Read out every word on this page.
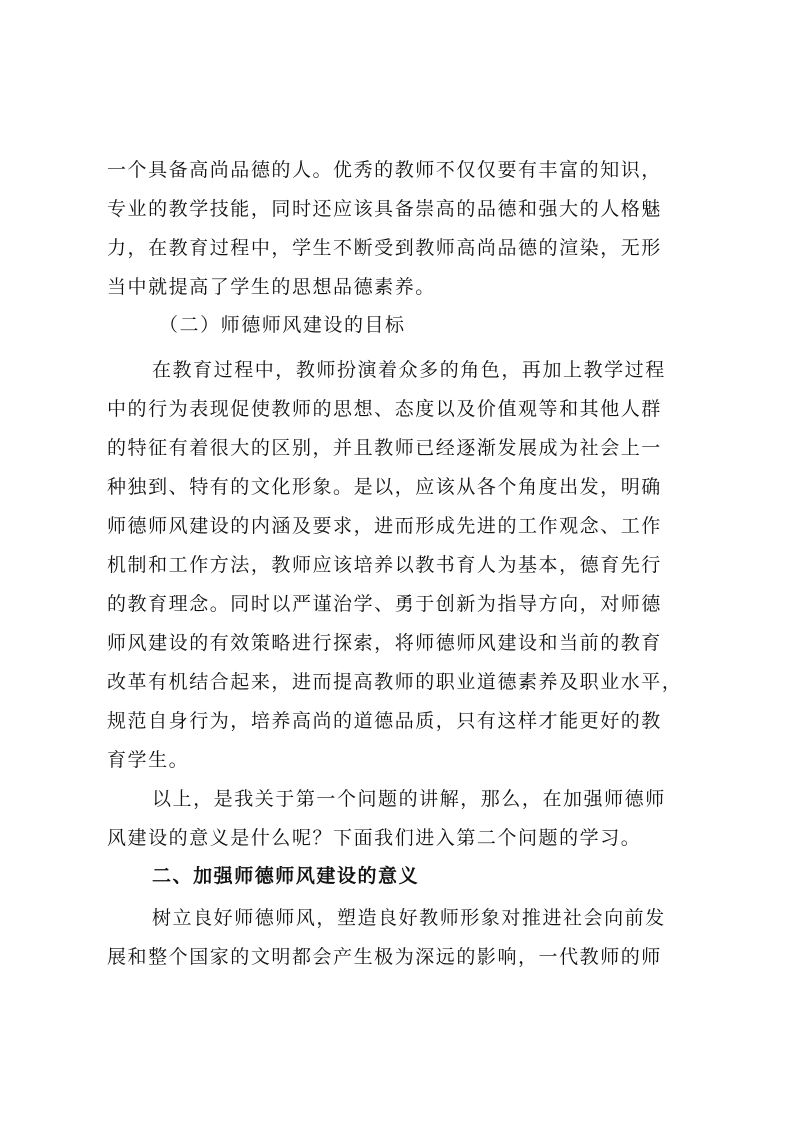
一个具备高尚品德的人。优秀的教师不仅仅要有丰富的知识，
专业的教学技能，同时还应该具备崇高的品德和强大的人格魅
力，在教育过程中，学生不断受到教师高尚品德的渲染，无形
当中就提高了学生的思想品德素养。
（二）师德师风建设的目标
在教育过程中，教师扮演着众多的角色，再加上教学过程
中的行为表现促使教师的思想、态度以及价值观等和其他人群
的特征有着很大的区别，并且教师已经逐渐发展成为社会上一
种独到、特有的文化形象。是以，应该从各个角度出发，明确
师德师风建设的内涵及要求，进而形成先进的工作观念、工作
机制和工作方法，教师应该培养以教书育人为基本，德育先行
的教育理念。同时以严谨治学、勇于创新为指导方向，对师德
师风建设的有效策略进行探索，将师德师风建设和当前的教育
改革有机结合起来，进而提高教师的职业道德素养及职业水平，
规范自身行为，培养高尚的道德品质，只有这样才能更好的教
育学生。
以上，是我关于第一个问题的讲解，那么，在加强师德师
风建设的意义是什么呢？下面我们进入第二个问题的学习。
二、加强师德师风建设的意义
树立良好师德师风，塑造良好教师形象对推进社会向前发
展和整个国家的文明都会产生极为深远的影响，一代教师的师
